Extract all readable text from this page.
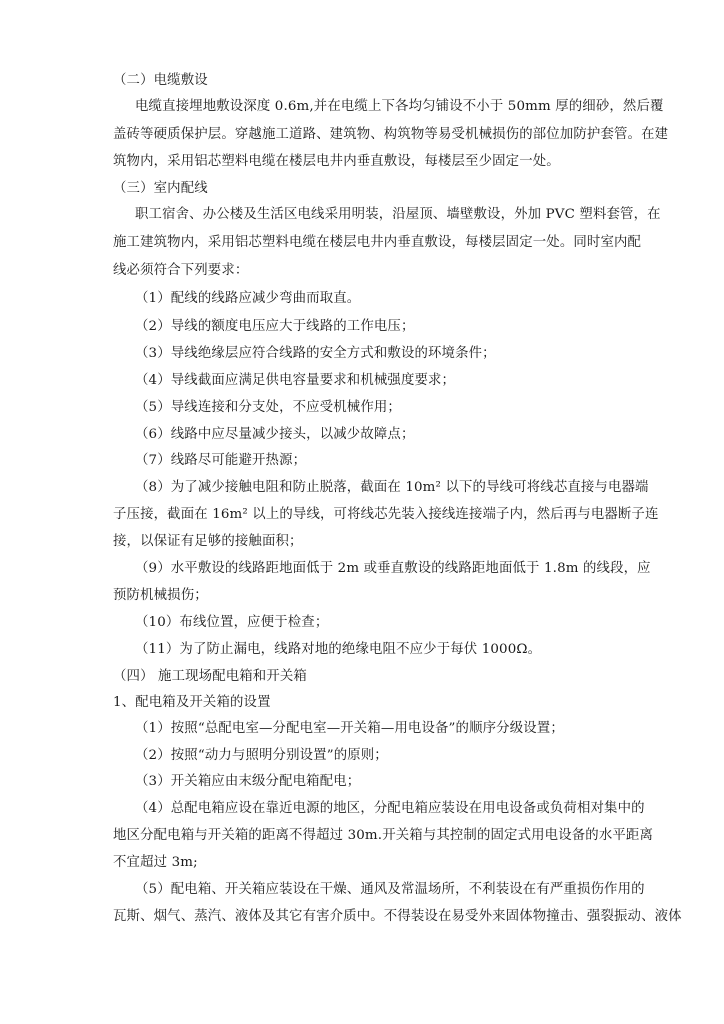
（二）电缆敷设
电缆直接埋地敷设深度 0.6m,并在电缆上下各均匀铺设不小于 50mm 厚的细砂，然后覆
盖砖等硬质保护层。穿越施工道路、建筑物、构筑物等易受机械损伤的部位加防护套管。在建
筑物内，采用铝芯塑料电缆在楼层电井内垂直敷设，每楼层至少固定一处。
（三）室内配线
职工宿舍、办公楼及生活区电线采用明装，沿屋顶、墙壁敷设，外加 PVC 塑料套管，在
施工建筑物内，采用铝芯塑料电缆在楼层电井内垂直敷设，每楼层固定一处。同时室内配
线必须符合下列要求：
（1）配线的线路应减少弯曲而取直。
（2）导线的额度电压应大于线路的工作电压；
（3）导线绝缘层应符合线路的安全方式和敷设的环境条件；
（4）导线截面应满足供电容量要求和机械强度要求；
（5）导线连接和分支处，不应受机械作用；
（6）线路中应尽量减少接头，以减少故障点；
（7）线路尽可能避开热源；
（8）为了减少接触电阻和防止脱落，截面在 10m² 以下的导线可将线芯直接与电器端
子压接，截面在 16m² 以上的导线，可将线芯先装入接线连接端子内，然后再与电器断子连
接，以保证有足够的接触面积；
（9）水平敷设的线路距地面低于 2m 或垂直敷设的线路距地面低于 1.8m 的线段，应
预防机械损伤；
（10）布线位置，应便于检查；
（11）为了防止漏电，线路对地的绝缘电阻不应少于每伏 1000Ω。
（四） 施工现场配电箱和开关箱
1、配电箱及开关箱的设置
（1）按照“总配电室—分配电室—开关箱—用电设备”的顺序分级设置；
（2）按照“动力与照明分别设置”的原则；
（3）开关箱应由末级分配电箱配电；
（4）总配电箱应设在靠近电源的地区，分配电箱应装设在用电设备或负荷相对集中的
地区分配电箱与开关箱的距离不得超过 30m.开关箱与其控制的固定式用电设备的水平距离
不宜超过 3m;
（5）配电箱、开关箱应装设在干燥、通风及常温场所，不利装设在有严重损伤作用的
瓦斯、烟气、蒸汽、液体及其它有害介质中。不得装设在易受外来固体物撞击、强裂振动、液体
